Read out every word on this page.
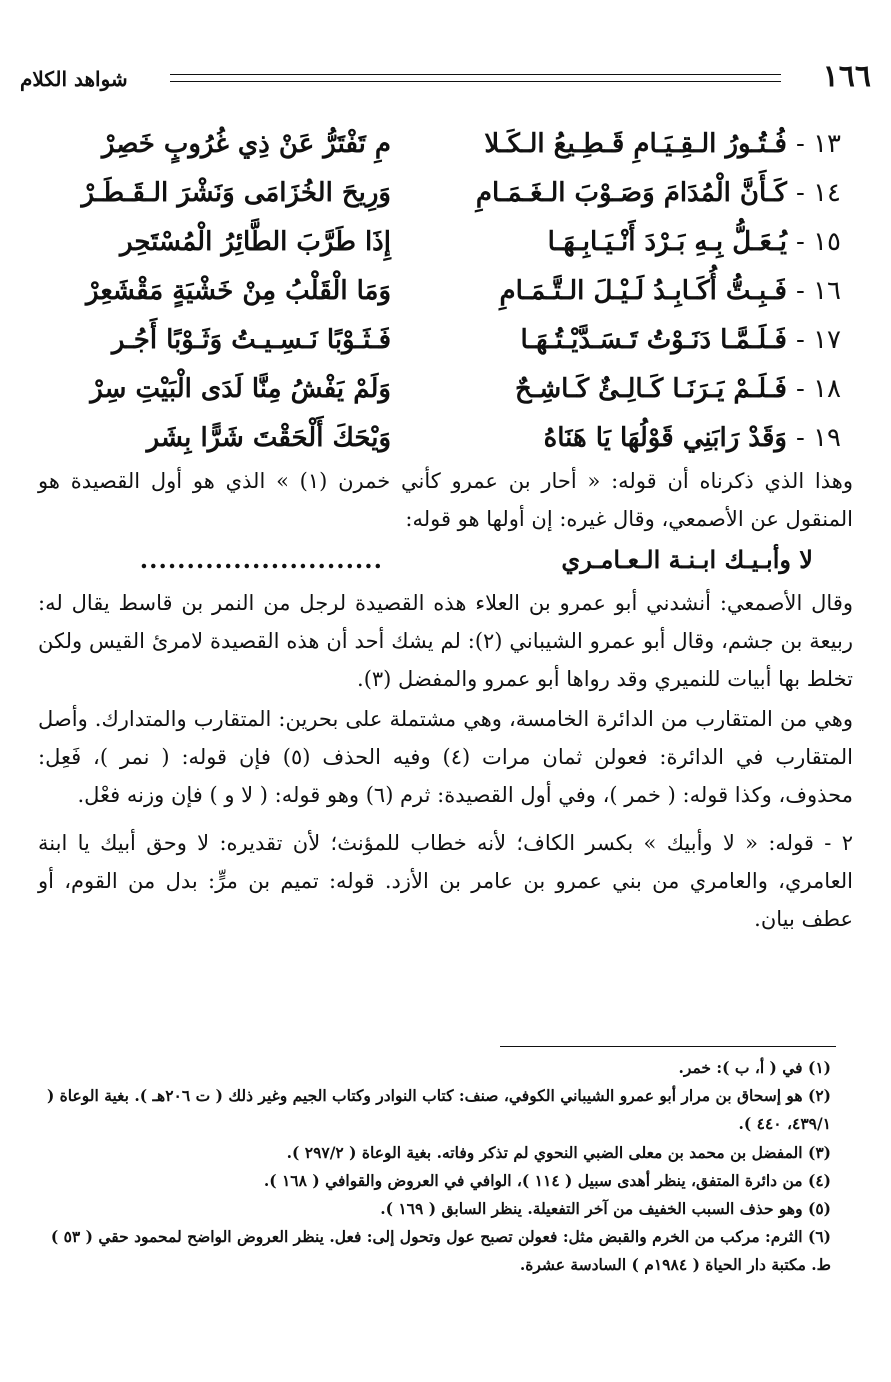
١٦٦
شواهد الكلام
١٣ - فُـتُـورُ الـقِـيَـامِ قَـطِـيعُ الـكَـلا
مِ تَفْتَرُّ عَنْ ذِي غُرُوبٍ خَصِرْ
١٤ - كَـأَنَّ الْمُدَامَ وَصَـوْبَ الـغَـمَـامِ
وَرِيحَ الخُزَامَى وَنَشْرَ الـقَـطَـرْ
١٥ - يُـعَـلُّ بِـهِ بَـرْدَ أَنْـيَـابِـهَـا
إِذَا طَرَّبَ الطَّائِرُ الْمُسْتَحِر
١٦ - فَـبِـتُّ أُكَـابِـدُ لَـيْـلَ الـتَّـمَـامِ
وَمَا الْقَلْبُ مِنْ خَشْيَةٍ مَقْشَعِرْ
١٧ - فَـلَـمَّـا دَنَـوْتُ تَـسَـدَّيْـتُـهَـا
فَـثَـوْبًا نَـسِـيـتُ وَثَـوْبًا أَجُـر
١٨ - فَـلَـمْ يَـرَنَـا كَـالِـئٌ كَـاشِـحٌ
وَلَمْ يَفْشُ مِنَّا لَدَى الْبَيْتِ سِرْ
١٩ - وَقَدْ رَابَنِي قَوْلُهَا يَا هَنَاهُ
وَيْحَكَ أَلْحَقْتَ شَرًّا بِشَر

وهذا الذي ذكرناه أن قوله: « أحار بن عمرو كأني خمرن (١) » الذي هو أول القصيدة هو المنقول عن الأصمعي، وقال غيره: إن أولها هو قوله:

لا وأبـيـك ابـنـة الـعـامـري
..........................

وقال الأصمعي: أنشدني أبو عمرو بن العلاء هذه القصيدة لرجل من النمر بن قاسط يقال له: ربيعة بن جشم، وقال أبو عمرو الشيباني (٢): لم يشك أحد أن هذه القصيدة لامرئ القيس ولكن تخلط بها أبيات للنميري وقد رواها أبو عمرو والمفضل (٣).

وهي من المتقارب من الدائرة الخامسة، وهي مشتملة على بحرين: المتقارب والمتدارك. وأصل المتقارب في الدائرة: فعولن ثمان مرات (٤) وفيه الحذف (٥) فإن قوله: ( نمر )، فَعِل: محذوف، وكذا قوله: ( خمر )، وفي أول القصيدة: ثرم (٦) وهو قوله: ( لا و ) فإن وزنه فعْل.

٢ - قوله: « لا وأبيك » بكسر الكاف؛ لأنه خطاب للمؤنث؛ لأن تقديره: لا وحق أبيك يا ابنة العامري، والعامري من بني عمرو بن عامر بن الأزد. قوله: تميم بن مرٍّ: بدل من القوم، أو عطف بيان.

(١) في ( أ، ب ): خمر.

(٢) هو إسحاق بن مرار أبو عمرو الشيباني الكوفي، صنف: كتاب النوادر وكتاب الجيم وغير ذلك ( ت ٢٠٦هـ ). بغية الوعاة ( ٤٣٩/١، ٤٤٠ ).

(٣) المفضل بن محمد بن معلى الضبي النحوي لم تذكر وفاته. بغية الوعاة ( ٢٩٧/٢ ).

(٤) من دائرة المتفق، ينظر أهدى سبيل ( ١١٤ )، الوافي في العروض والقوافي ( ١٦٨ ).

(٥) وهو حذف السبب الخفيف من آخر التفعيلة. ينظر السابق ( ١٦٩ ).

(٦) الثرم: مركب من الخرم والقبض مثل: فعولن تصبح عول وتحول إلى: فعل. ينظر العروض الواضح لمحمود حقي ( ٥٣ ) ط. مكتبة دار الحياة ( ١٩٨٤م ) السادسة عشرة.
